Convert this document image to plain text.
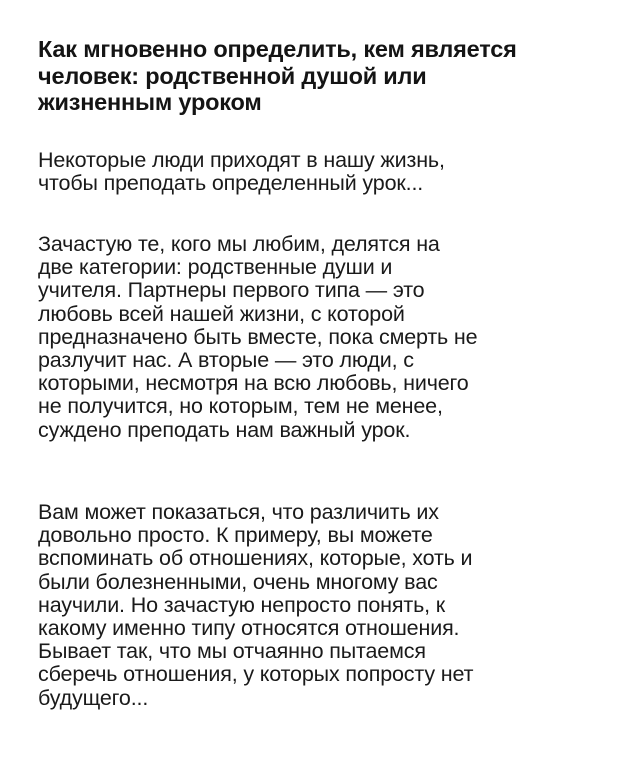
Как мгновенно определить, кем является
человек: родственной душой или
жизненным уроком

Некоторые люди приходят в нашу жизнь,
чтобы преподать определенный урок...

Зачастую те, кого мы любим, делятся на
две категории: родственные души и
учителя. Партнеры первого типа — это
любовь всей нашей жизни, с которой
предназначено быть вместе, пока смерть не
разлучит нас. А вторые — это люди, с
которыми, несмотря на всю любовь, ничего
не получится, но которым, тем не менее,
суждено преподать нам важный урок.

Вам может показаться, что различить их
довольно просто. К примеру, вы можете
вспоминать об отношениях, которые, хоть и
были болезненными, очень многому вас
научили. Но зачастую непросто понять, к
какому именно типу относятся отношения.
Бывает так, что мы отчаянно пытаемся
сберечь отношения, у которых попросту нет
будущего...
